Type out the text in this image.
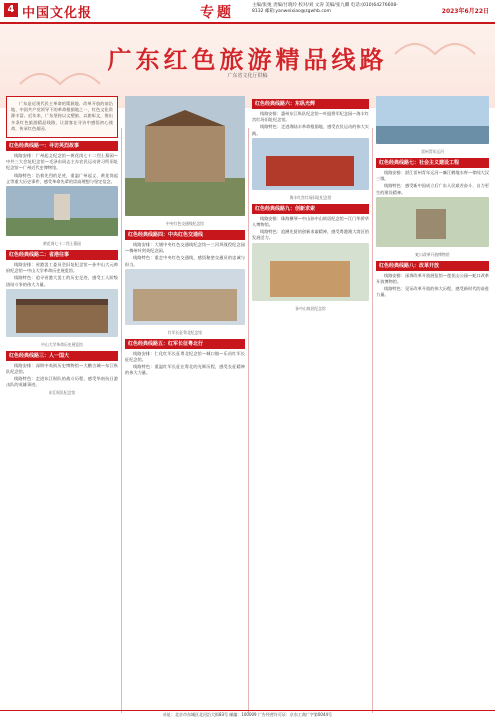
4 中国文化报	专题	主编/张弛 责编/甘晓玲 校对/刘 文涛 美编/张九卿 电话:(010)64276608-8132 邮箱:yanweixiao@zgwhb.com	2023年6月22日
广东红色旅游精品线路
广东省文化厅供稿

广东是近现代民主革命的策源地、改革开放的前沿地、中国共产党领导下的革命根据地之一，红色文化资源丰富。近年来，广东坚持以文塑旅、以旅彰文，推出多条红色旅游精品线路，让游客在寻访中感悟初心使命，传承红色基因。

红色经典线路一：寻访英烈故事

线路安排：广州起义纪念馆—黄花岗七十二烈士墓园—中共三大会址纪念馆—毛泽东同志主办农民运动讲习所旧址纪念馆—广州近代史博物馆。

线路特色：沿着先烈的足迹，重温广州起义、黄花岗起义等重大历史事件，感受革命先辈的崇高理想与坚定信念。

黄花岗七十二烈士墓园
红色经典线路二：省港往事

线路安排：省港罢工委员会旧址纪念馆—孙中山大元帅府纪念馆—中山大学革命历史展览馆。

线路特色：追寻省港大罢工的历史足迹，感受工人阶级团结斗争的伟大力量。

中山大学革命历史展览馆
红色经典线路三：人一国大

线路安排：深圳中英街历史博物馆—大鹏古城—东江纵队纪念馆。

线路特色：走进东江纵队的战斗历程，感受华南抗日游击队的英雄事迹。

东江纵队纪念馆
中央红色交通线纪念馆
红色经典线路四：中央红色交通线

线路安排：大埔中央红色交通线纪念馆—三河坝战役纪念园—梅州叶剑英纪念园。

线路特色：重走中央红色交通线，感悟秘密交通员的忠诚与担当。

红军长征粤北纪念馆
红色经典线路五：红军长征粤北行

线路安排：仁化红军长征粤北纪念馆—城口镇—乐昌红军长征纪念馆。

线路特色：重温红军长征在粤北的光辉历程，感受长征精神的伟大力量。

红色经典线路六：东纵光辉

线路安排：惠州东江纵队纪念馆—叶挺将军纪念园—海丰红宫红场旧址纪念馆。

线路特色：走进海陆丰革命根据地，感受农民运动的伟大实践。

海丰红宫红场旧址纪念馆
红色经典线路九：创新求索

线路安排：珠海横琴—中山孙中山故居纪念馆—江门华侨华人博物馆。

线路特色：追溯先贤的创新求索精神，感受粤港澳大湾区的发展活力。

孙中山故居纪念馆
雷州青年运河
红色经典线路七：社会主义建设工程

线路安排：湛江雷州青年运河—廉江鹤地水库—徐闻大汉三墩。

线路特色：感受新中国成立后广东人民艰苦奋斗、自力更生的建设精神。

蛇口改革开放博物馆
红色经典线路八：改革开放

线路安排：深圳改革开放展览馆—莲花山公园—蛇口改革开放博物馆。

线路特色：见证改革开放的伟大历程，感受新时代的奋进力量。

社址：北京市东城区北河沿大街83号 邮编：100009 广告经营许可证：京东工商广字第0044号
